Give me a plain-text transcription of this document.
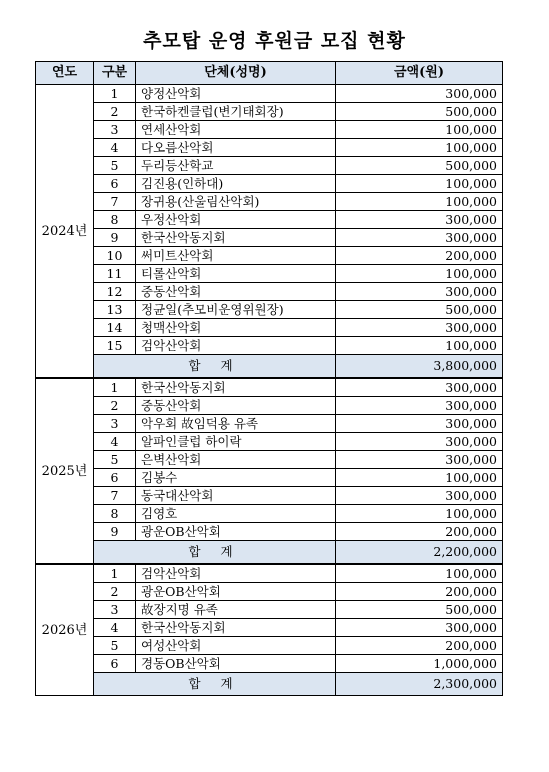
추모탑 운영 후원금 모집 현황
연도	구분	단체(성명)	금액(원)
2024년	1	양정산악회	300,000
	2	한국하켄클럽(변기태회장)	500,000
	3	연세산악회	100,000
	4	다오름산악회	100,000
	5	두리등산학교	500,000
	6	김진용(인하대)	100,000
	7	장귀용(산울림산악회)	100,000
	8	우정산악회	300,000
	9	한국산악동지회	300,000
	10	써미트산악회	200,000
	11	티롤산악회	100,000
	12	중동산악회	300,000
	13	정균일(추모비운영위원장)	500,000
	14	청맥산악회	300,000
	15	검악산악회	100,000
	합 계		3,800,000
2025년	1	한국산악동지회	300,000
	2	중동산악회	300,000
	3	악우회 故임덕용 유족	300,000
	4	알파인클럽 하이락	300,000
	5	은벽산악회	300,000
	6	김봉수	100,000
	7	동국대산악회	300,000
	8	김영호	100,000
	9	광운OB산악회	200,000
	합 계		2,200,000
2026년	1	검악산악회	100,000
	2	광운OB산악회	200,000
	3	故장지명 유족	500,000
	4	한국산악동지회	300,000
	5	여성산악회	200,000
	6	경동OB산악회	1,000,000
	합 계		2,300,000
